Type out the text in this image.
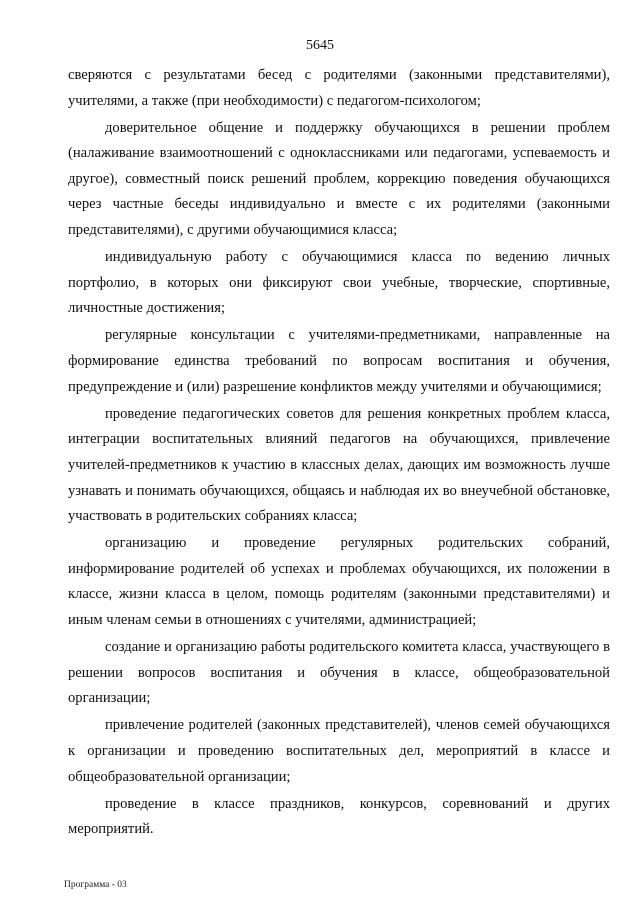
5645

сверяются с результатами бесед с родителями (законными представителями), учителями, а также (при необходимости) с педагогом-психологом;

доверительное общение и поддержку обучающихся в решении проблем (налаживание взаимоотношений с одноклассниками или педагогами, успеваемость и другое), совместный поиск решений проблем, коррекцию поведения обучающихся через частные беседы индивидуально и вместе с их родителями (законными представителями), с другими обучающимися класса;

индивидуальную работу с обучающимися класса по ведению личных портфолио, в которых они фиксируют свои учебные, творческие, спортивные, личностные достижения;

регулярные консультации с учителями-предметниками, направленные на формирование единства требований по вопросам воспитания и обучения, предупреждение и (или) разрешение конфликтов между учителями и обучающимися;

проведение педагогических советов для решения конкретных проблем класса, интеграции воспитательных влияний педагогов на обучающихся, привлечение учителей-предметников к участию в классных делах, дающих им возможность лучше узнавать и понимать обучающихся, общаясь и наблюдая их во внеучебной обстановке, участвовать в родительских собраниях класса;

организацию и проведение регулярных родительских собраний, информирование родителей об успехах и проблемах обучающихся, их положении в классе, жизни класса в целом, помощь родителям (законными представителями) и иным членам семьи в отношениях с учителями, администрацией;

создание и организацию работы родительского комитета класса, участвующего в решении вопросов воспитания и обучения в классе, общеобразовательной организации;

привлечение родителей (законных представителей), членов семей обучающихся к организации и проведению воспитательных дел, мероприятий в классе и общеобразовательной организации;

проведение в классе праздников, конкурсов, соревнований и других мероприятий.

Программа - 03
